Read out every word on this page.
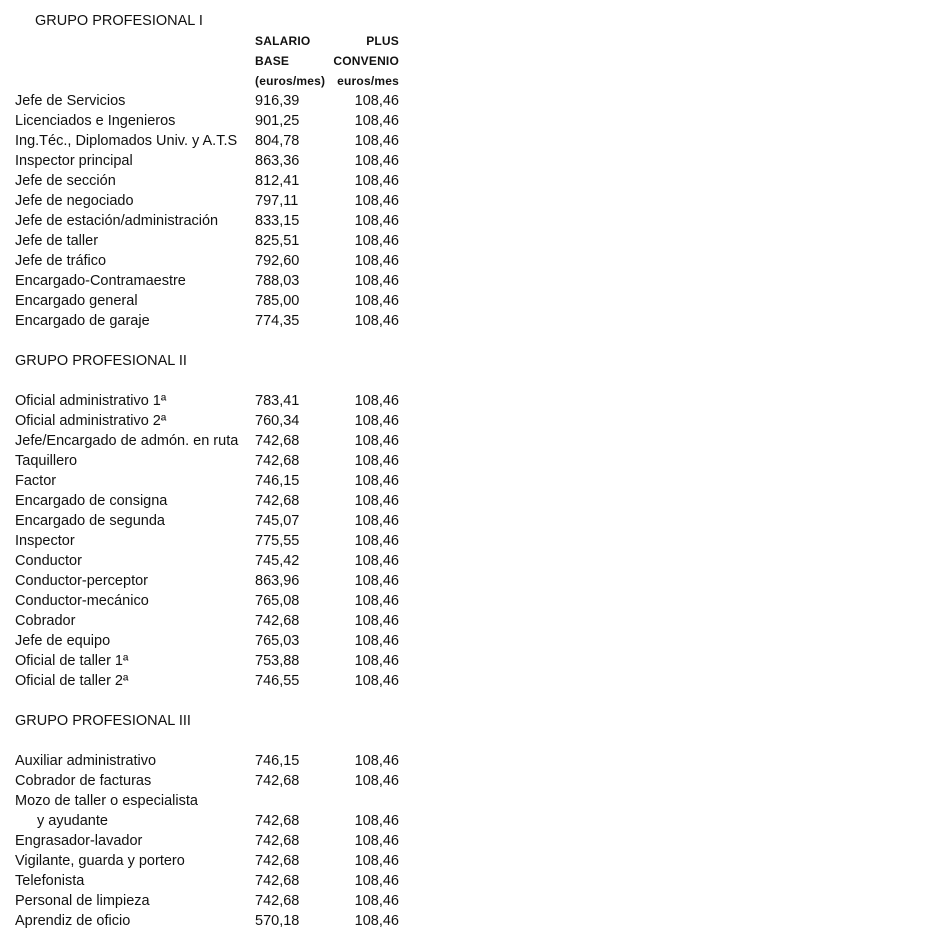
GRUPO PROFESIONAL I
SALARIO	PLUS
BASE	CONVENIO
(euros/mes) euros/mes
Jefe de Servicios	916,39	108,46
Licenciados e Ingenieros	901,25	108,46
Ing.Téc., Diplomados Univ. y A.T.S 804,78	108,46
Inspector principal	863,36	108,46
Jefe de sección	812,41	108,46
Jefe de negociado	797,11	108,46
Jefe de estación/administración	833,15	108,46
Jefe de taller	825,51	108,46
Jefe de tráfico	792,60	108,46
Encargado-Contramaestre	788,03	108,46
Encargado general	785,00	108,46
Encargado de garaje	774,35	108,46
GRUPO PROFESIONAL II
Oficial administrativo 1ª	783,41	108,46
Oficial administrativo 2ª	760,34	108,46
Jefe/Encargado de admón. en ruta 742,68	108,46
Taquillero	742,68	108,46
Factor	746,15	108,46
Encargado de consigna	742,68	108,46
Encargado de segunda	745,07	108,46
Inspector	775,55	108,46
Conductor	745,42	108,46
Conductor-perceptor	863,96	108,46
Conductor-mecánico	765,08	108,46
Cobrador	742,68	108,46
Jefe de equipo	765,03	108,46
Oficial de taller 1ª	753,88	108,46
Oficial de taller 2ª	746,55	108,46
GRUPO PROFESIONAL III
Auxiliar administrativo	746,15	108,46
Cobrador de facturas	742,68	108,46
Mozo de taller o especialista
y ayudante	742,68	108,46
Engrasador-lavador	742,68	108,46
Vigilante, guarda y portero	742,68	108,46
Telefonista	742,68	108,46
Personal de limpieza	742,68	108,46
Aprendiz de oficio	570,18	108,46
